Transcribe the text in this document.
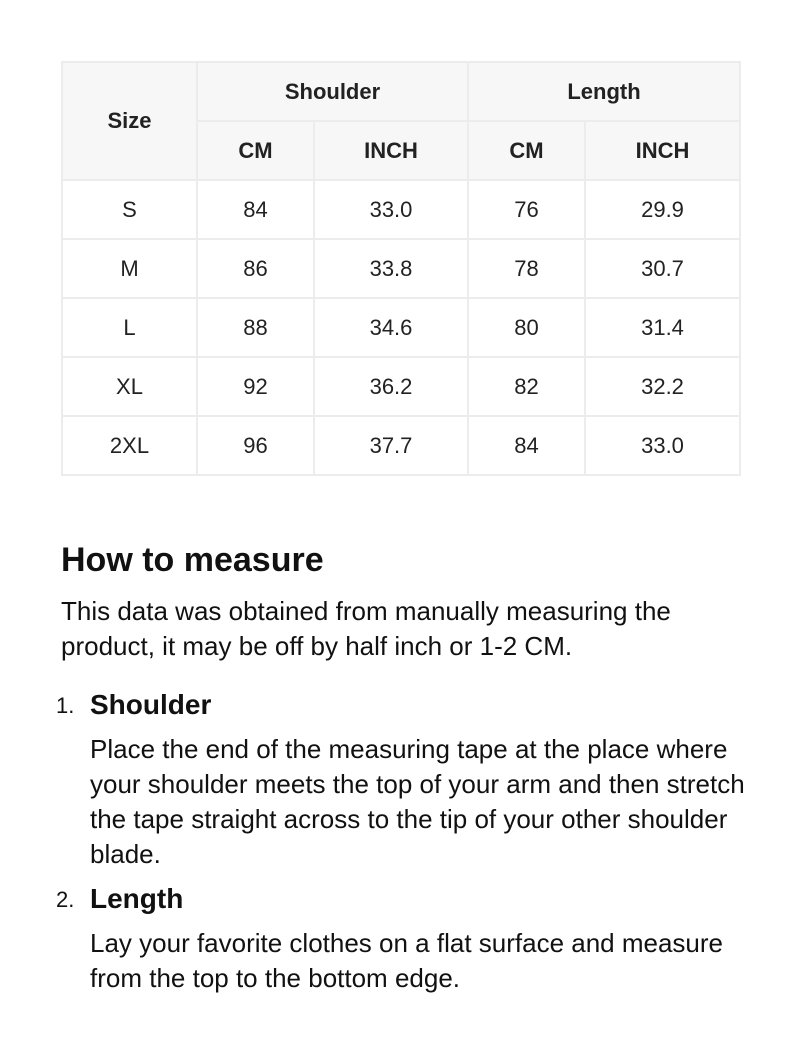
Size	Shoulder		Length	
	CM	INCH	CM	INCH
S	84	33.0	76	29.9
M	86	33.8	78	30.7
L	88	34.6	80	31.4
XL	92	36.2	82	32.2
2XL	96	37.7	84	33.0
How to measure

This data was obtained from manually measuring the product, it may be off by half inch or 1-2 CM.

1. Shoulder
Place the end of the measuring tape at the place where your shoulder meets the top of your arm and then stretch the tape straight across to the tip of your other shoulder blade.
2. Length
Lay your favorite clothes on a flat surface and measure from the top to the bottom edge.
